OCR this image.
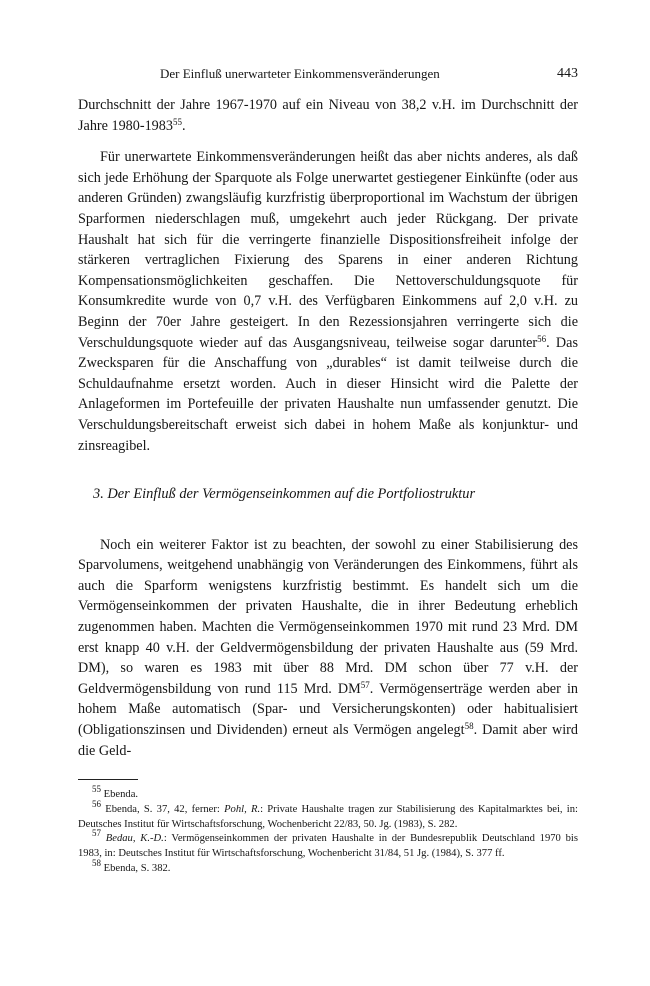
Der Einfluß unerwarteter Einkommensveränderungen	443

Durchschnitt der Jahre 1967-1970 auf ein Niveau von 38,2 v.H. im Durchschnitt der Jahre 1980-1983$^{55}$.

Für unerwartete Einkommensveränderungen heißt das aber nichts anderes, als daß sich jede Erhöhung der Sparquote als Folge unerwartet gestiegener Einkünfte (oder aus anderen Gründen) zwangsläufig kurzfristig überproportional im Wachstum der übrigen Sparformen niederschlagen muß, umgekehrt auch jeder Rückgang. Der private Haushalt hat sich für die verringerte finanzielle Dispositionsfreiheit infolge der stärkeren vertraglichen Fixierung des Sparens in einer anderen Richtung Kompensationsmöglichkeiten geschaffen. Die Nettoverschuldungsquote für Konsumkredite wurde von 0,7 v.H. des Verfügbaren Einkommens auf 2,0 v.H. zu Beginn der 70er Jahre gesteigert. In den Rezessionsjahren verringerte sich die Verschuldungsquote wieder auf das Ausgangsniveau, teilweise sogar darunter$^{56}$. Das Zwecksparen für die Anschaffung von „durables“ ist damit teilweise durch die Schuldaufnahme ersetzt worden. Auch in dieser Hinsicht wird die Palette der Anlageformen im Portefeuille der privaten Haushalte nun umfassender genutzt. Die Verschuldungsbereitschaft erweist sich dabei in hohem Maße als konjunktur- und zinsreagibel.

3. Der Einfluß der Vermögenseinkommen auf die Portfoliostruktur

Noch ein weiterer Faktor ist zu beachten, der sowohl zu einer Stabilisierung des Sparvolumens, weitgehend unabhängig von Veränderungen des Einkommens, führt als auch die Sparform wenigstens kurzfristig bestimmt. Es handelt sich um die Vermögenseinkommen der privaten Haushalte, die in ihrer Bedeutung erheblich zugenommen haben. Machten die Vermögenseinkommen 1970 mit rund 23 Mrd. DM erst knapp 40 v.H. der Geldvermögensbildung der privaten Haushalte aus (59 Mrd. DM), so waren es 1983 mit über 88 Mrd. DM schon über 77 v.H. der Geldvermögensbildung von rund 115 Mrd. DM$^{57}$. Vermögenserträge werden aber in hohem Maße automatisch (Spar- und Versicherungskonten) oder habitualisiert (Obligationszinsen und Dividenden) erneut als Vermögen angelegt$^{58}$. Damit aber wird die Geld-

$^{55}$ Ebenda.

$^{56}$ Ebenda, S. 37, 42, ferner: Pohl, R.: Private Haushalte tragen zur Stabilisierung des Kapitalmarktes bei, in: Deutsches Institut für Wirtschaftsforschung, Wochenbericht 22/83, 50. Jg. (1983), S. 282.

$^{57}$ Bedau, K.-D.: Vermögenseinkommen der privaten Haushalte in der Bundesrepublik Deutschland 1970 bis 1983, in: Deutsches Institut für Wirtschaftsforschung, Wochenbericht 31/84, 51 Jg. (1984), S. 377 ff.

$^{58}$ Ebenda, S. 382.
